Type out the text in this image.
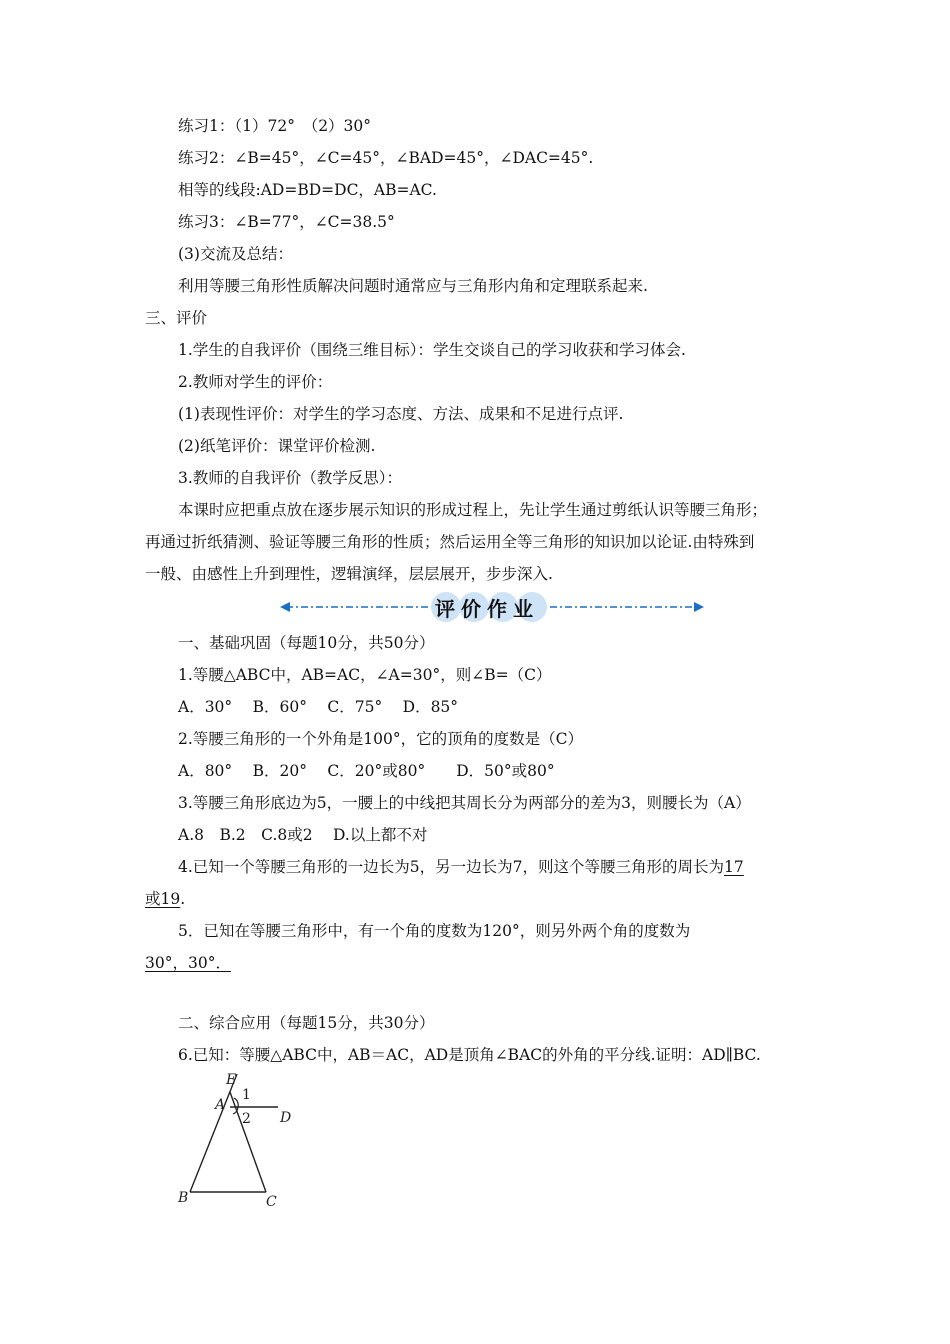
练习1：（1）72°　（2）30°
练习2：∠B=45°，∠C=45°，∠BAD=45°，∠DAC=45°.
相等的线段:AD=BD=DC，AB=AC.
练习3：∠B=77°，∠C=38.5°
(3)交流及总结：
利用等腰三角形性质解决问题时通常应与三角形内角和定理联系起来.
三、评价
1.学生的自我评价（围绕三维目标）：学生交谈自己的学习收获和学习体会.
2.教师对学生的评价：
(1)表现性评价：对学生的学习态度、方法、成果和不足进行点评.
(2)纸笔评价：课堂评价检测.
3.教师的自我评价（教学反思）：
本课时应把重点放在逐步展示知识的形成过程上，先让学生通过剪纸认识等腰三角形；
再通过折纸猜测、验证等腰三角形的性质；然后运用全等三角形的知识加以论证.由特殊到
一般、由感性上升到理性，逻辑演绎，层层展开，步步深入.
评价作业
一、基础巩固（每题10分，共50分）
1.等腰△ABC中，AB=AC，∠A=30°，则∠B=（C）
A．30°　 B．60°　 C．75°　 D．85°
2.等腰三角形的一个外角是100°，它的顶角的度数是（C）
A．80°　 B．20°　 C．20°或80°　　D．50°或80°
3.等腰三角形底边为5，一腰上的中线把其周长分为两部分的差为3，则腰长为（A）
A.8　B.2　C.8或2　 D.以上都不对
4.已知一个等腰三角形的一边长为5，另一边长为7，则这个等腰三角形的周长为17
或19.
5．已知在等腰三角形中，有一个角的度数为120°，则另外两个角的度数为
30°，30°．
二、综合应用（每题15分，共30分）
6.已知：等腰△ABC中，AB＝AC，AD是顶角∠BAC的外角的平分线.证明：AD∥BC.
E
A
D
B	C
1
2
